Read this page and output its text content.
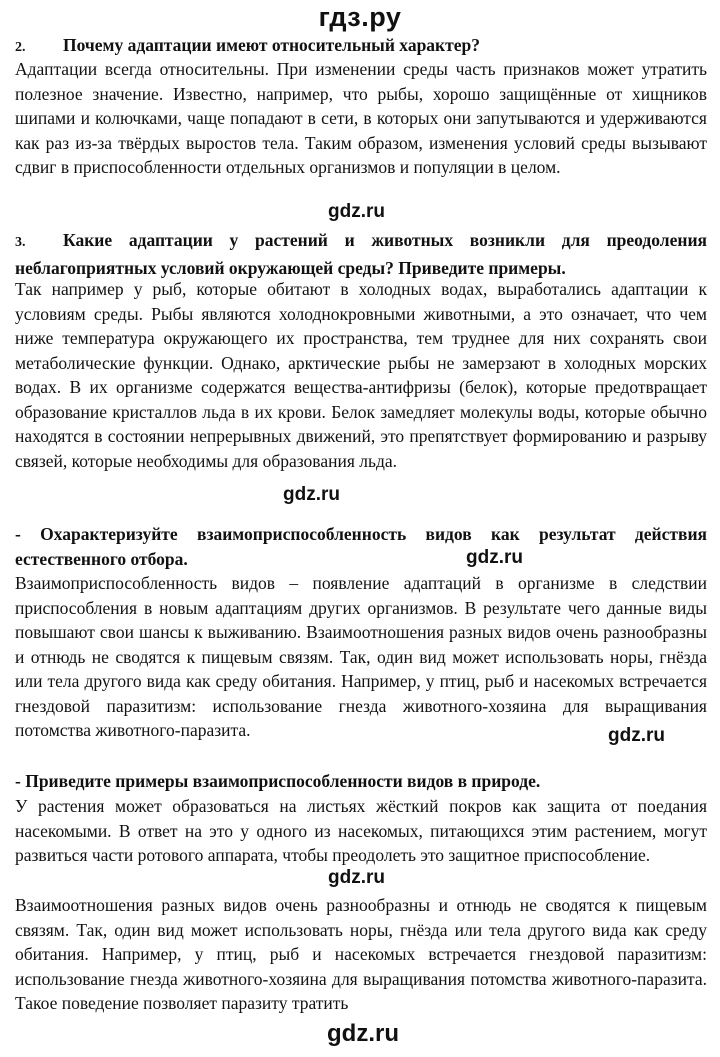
гдз.ру
2. Почему адаптации имеют относительный характер?
Адаптации всегда относительны. При изменении среды часть признаков может утратить полезное значение. Известно, например, что рыбы, хорошо защищённые от хищников шипами и колючками, чаще попадают в сети, в которых они запутываются и удерживаются как раз из-за твёрдых выростов тела. Таким образом, изменения условий среды вызывают сдвиг в приспособленности отдельных организмов и популяции в целом.
gdz.ru
3. Какие адаптации у растений и животных возникли для преодоления неблагоприятных условий окружающей среды? Приведите примеры.
Так например у рыб, которые обитают в холодных водах, выработались адаптации к условиям среды. Рыбы являются холоднокровными животными, а это означает, что чем ниже температура окружающего их пространства, тем труднее для них сохранять свои метаболические функции. Однако, арктические рыбы не замерзают в холодных морских водах. В их организме содержатся вещества-антифризы (белок), которые предотвращает образование кристаллов льда в их крови. Белок замедляет молекулы воды, которые обычно находятся в состоянии непрерывных движений, это препятствует формированию и разрыву связей, которые необходимы для образования льда.
gdz.ru
- Охарактеризуйте взаимоприспособленность видов как результат действия естественного отбора.	gdz.ru
Взаимоприспособленность видов – появление адаптаций в организме в следствии приспособления в новым адаптациям других организмов. В результате чего данные виды повышают свои шансы к выживанию. Взаимоотношения разных видов очень разнообразны и отнюдь не сводятся к пищевым связям. Так, один вид может использовать норы, гнёзда или тела другого вида как среду обитания. Например, у птиц, рыб и насекомых встречается гнездовой паразитизм: использование гнезда животного-хозяина для выращивания потомства животного-паразита.	gdz.ru
- Приведите примеры взаимоприспособленности видов в природе.
У растения может образоваться на листьях жёсткий покров как защита от поедания насекомыми. В ответ на это у одного из насекомых, питающихся этим растением, могут развиться части ротового аппарата, чтобы преодолеть это защитное приспособление.
gdz.ru
Взаимоотношения разных видов очень разнообразны и отнюдь не сводятся к пищевым связям. Так, один вид может использовать норы, гнёзда или тела другого вида как среду обитания. Например, у птиц, рыб и насекомых встречается гнездовой паразитизм: использование гнезда животного-хозяина для выращивания потомства животного-паразита. Такое поведение позволяет паразиту тратить
gdz.ru
